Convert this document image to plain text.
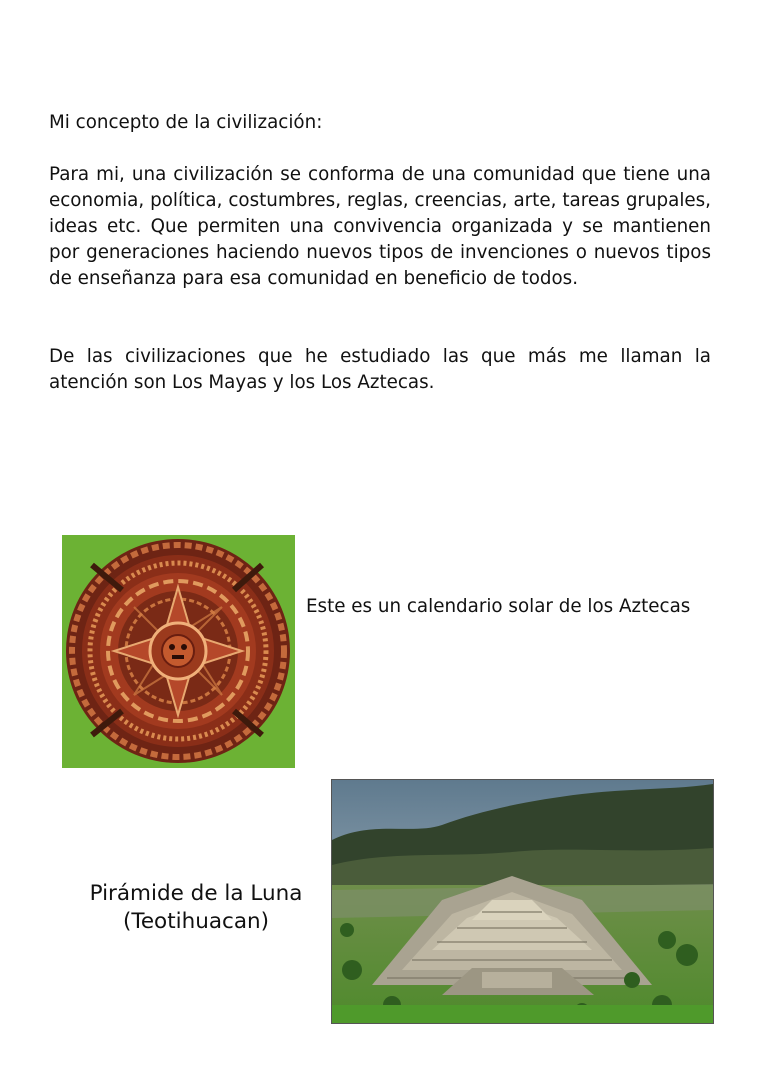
Mi concepto de la civilización:
Para mi, una civilización se conforma de una comunidad que tiene una economia, política, costumbres, reglas, creencias, arte, tareas grupales, ideas etc. Que permiten una convivencia organizada y se mantienen por generaciones haciendo nuevos tipos de invenciones o nuevos tipos de enseñanza para esa comunidad en beneficio de todos.
De las civilizaciones que he estudiado las que más me llaman la atención son Los Mayas y los Los Aztecas.
Este es un calendario solar de los Aztecas
Pirámide de la Luna
(Teotihuacan)
